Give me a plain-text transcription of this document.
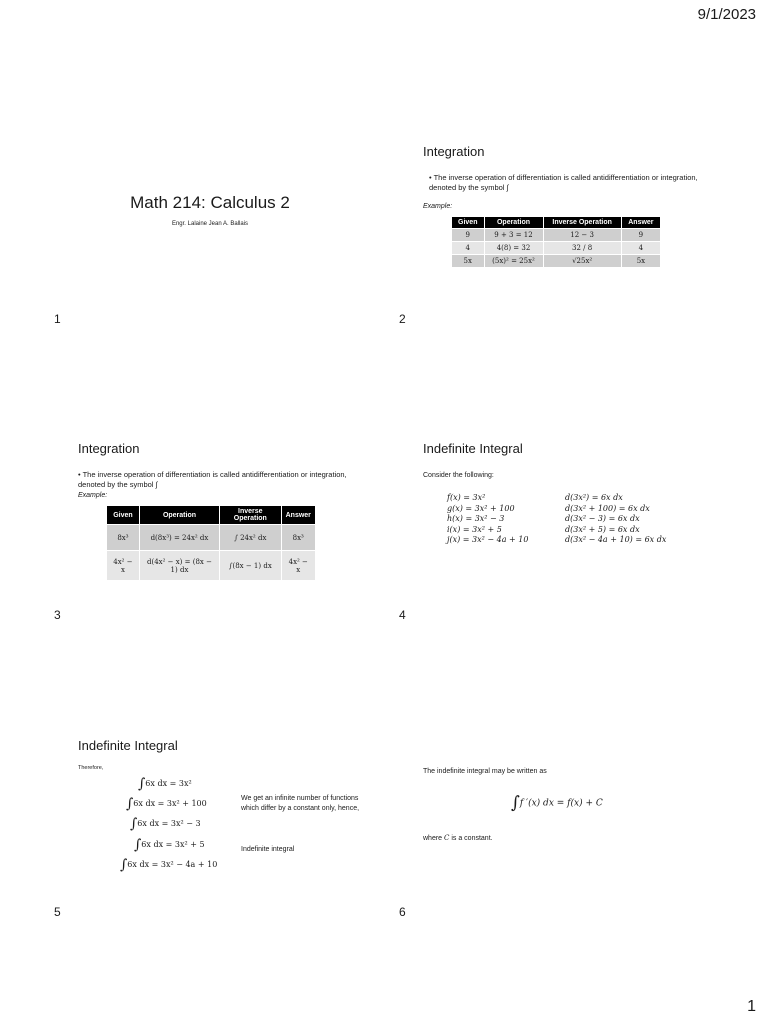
9/1/2023
Math 214: Calculus 2
Engr. Lalaine Jean A. Ballais
1
Integration
• The inverse operation of differentiation is called antidifferentiation or integration, denoted by the symbol ∫
Example:
Given	Operation	Inverse Operation	Answer
9	9 + 3 = 12	12 − 3	9
4	4(8) = 32	32 / 8	4
5x	(5x)² = 25x²	√25x²	5x
2
Integration
• The inverse operation of differentiation is called antidifferentiation or integration, denoted by the symbol ∫
Example:
Given	Operation	Inverse Operation	Answer
8x³	d(8x³) = 24x² dx	∫ 24x² dx	8x³
4x² − x	d(4x² − x) = (8x − 1) dx	∫(8x − 1) dx	4x² − x
3
Indefinite Integral
Consider the following:
f(x) = 3x²	d(3x²) = 6x dx
g(x) = 3x² + 100	d(3x² + 100) = 6x dx
h(x) = 3x² − 3	d(3x² − 3) = 6x dx
i(x) = 3x² + 5	d(3x² + 5) = 6x dx
j(x) = 3x² − 4a + 10	d(3x² − 4a + 10) = 6x dx
4
Indefinite Integral
Therefore,
∫6x dx = 3x²
∫6x dx = 3x² + 100
∫6x dx = 3x² − 3
∫6x dx = 3x² + 5
∫6x dx = 3x² − 4a + 10
We get an infinite number of functions which differ by a constant only, hence,
Indefinite integral
5
The indefinite integral may be written as
∫f ′(x) dx = f(x) + C
where C is a constant.
6
1
